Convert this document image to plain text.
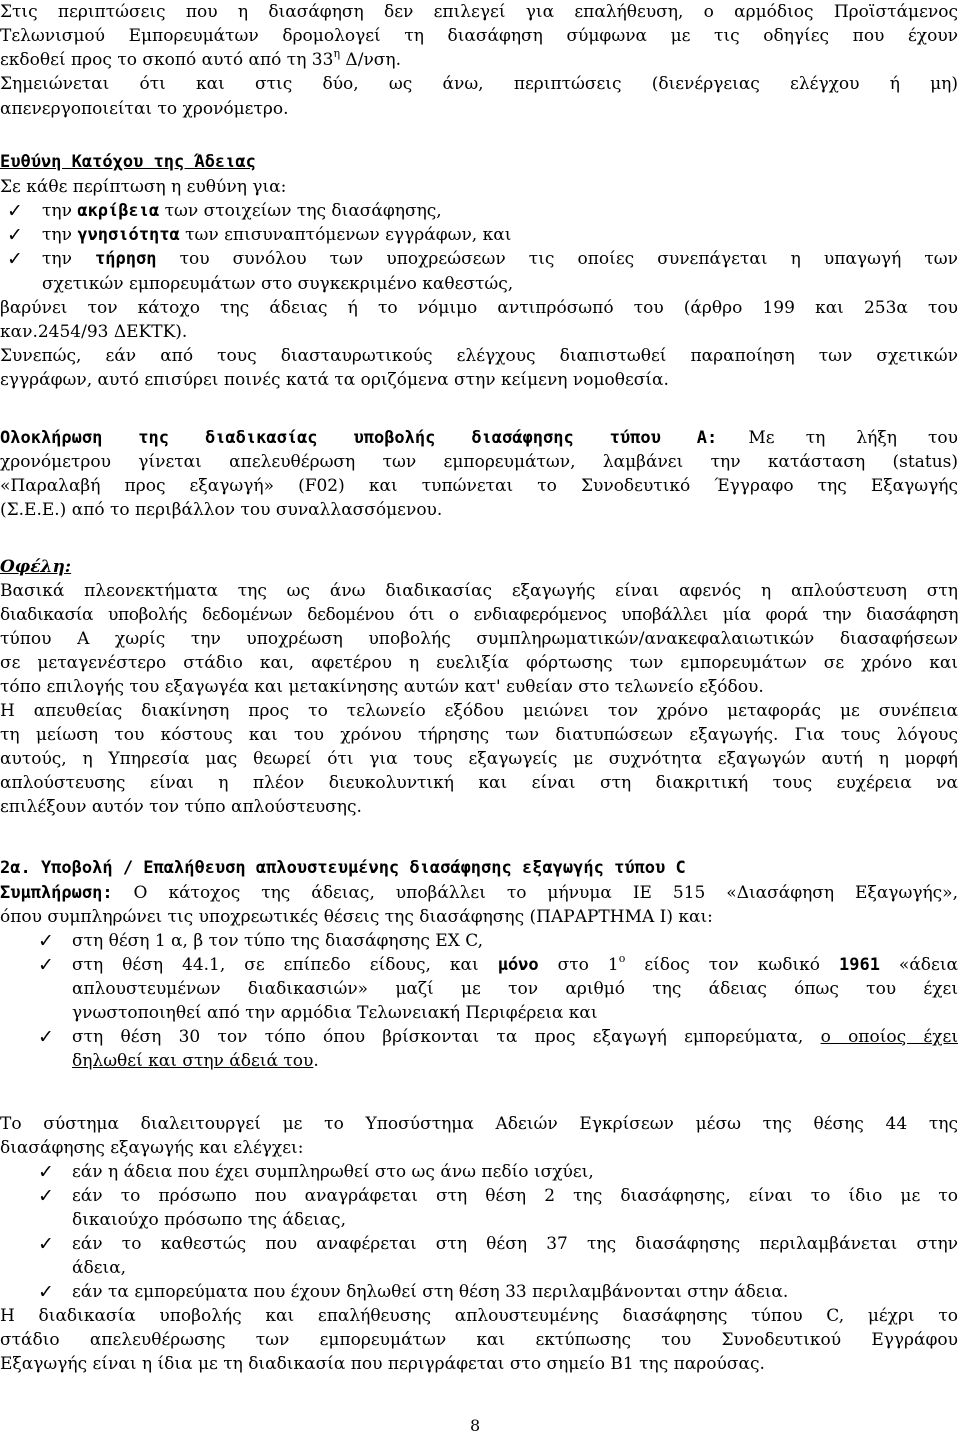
Στις περιπτώσεις που η διασάφηση δεν επιλεγεί για επαλήθευση, ο αρμόδιος Προϊστάμενος
Τελωνισμού Εμπορευμάτων δρομολογεί τη διασάφηση σύμφωνα με τις οδηγίες που έχουν
εκδοθεί προς το σκοπό αυτό από τη $33^\eta$ Δ/νση.
Σημειώνεται ότι και στις δύο, ως άνω, περιπτώσεις (διενέργειας ελέγχου ή μη)
απενεργοποιείται το χρονόμετρο.
Ευθύνη Κατόχου της Άδειας
Σε κάθε περίπτωση η ευθύνη για:
✓ την ακρίβεια των στοιχείων της διασάφησης,
✓ την γνησιότητα των επισυναπτόμενων εγγράφων, και
✓ την τήρηση του συνόλου των υποχρεώσεων τις οποίες συνεπάγεται η υπαγωγή των
σχετικών εμπορευμάτων στο συγκεκριμένο καθεστώς,
βαρύνει τον κάτοχο της άδειας ή το νόμιμο αντιπρόσωπό του (άρθρο 199 και 253α του
καν.2454/93 ΔΕΚΤΚ).
Συνεπώς, εάν από τους διασταυρωτικούς ελέγχους διαπιστωθεί παραποίηση των σχετικών
εγγράφων, αυτό επισύρει ποινές κατά τα οριζόμενα στην κείμενη νομοθεσία.
Ολοκλήρωση της διαδικασίας υποβολής διασάφησης τύπου Α: Με τη λήξη του
χρονόμετρου γίνεται απελευθέρωση των εμπορευμάτων, λαμβάνει την κατάσταση (status)
«Παραλαβή προς εξαγωγή» (F02) και τυπώνεται το Συνοδευτικό Έγγραφο της Εξαγωγής
(Σ.Ε.Ε.) από το περιβάλλον του συναλλασσόμενου.
Οφέλη:
Βασικά πλεονεκτήματα της ως άνω διαδικασίας εξαγωγής είναι αφενός η απλούστευση στη
διαδικασία υποβολής δεδομένων δεδομένου ότι ο ενδιαφερόμενος υποβάλλει μία φορά την διασάφηση
τύπου Α χωρίς την υποχρέωση υποβολής συμπληρωματικών/ανακεφαλαιωτικών διασαφήσεων
σε μεταγενέστερο στάδιο και, αφετέρου η ευελιξία φόρτωσης των εμπορευμάτων σε χρόνο και
τόπο επιλογής του εξαγωγέα και μετακίνησης αυτών κατ' ευθείαν στο τελωνείο εξόδου.
Η απευθείας διακίνηση προς το τελωνείο εξόδου μειώνει τον χρόνο μεταφοράς με συνέπεια
τη μείωση του κόστους και του χρόνου τήρησης των διατυπώσεων εξαγωγής. Για τους λόγους
αυτούς, η Υπηρεσία μας θεωρεί ότι για τους εξαγωγείς με συχνότητα εξαγωγών αυτή η μορφή
απλούστευσης είναι η πλέον διευκολυντική και είναι στη διακριτική τους ευχέρεια να
επιλέξουν αυτόν τον τύπο απλούστευσης.
2α. Υποβολή / Επαλήθευση απλουστευμένης διασάφησης εξαγωγής τύπου C
Συμπλήρωση: Ο κάτοχος της άδειας, υποβάλλει το μήνυμα IE 515 «Διασάφηση Εξαγωγής»,
όπου συμπληρώνει τις υποχρεωτικές θέσεις της διασάφησης (ΠΑΡΑΡΤΗΜΑ Ι) και:
✓ στη θέση 1 α, β τον τύπο της διασάφησης EX C,
✓ στη θέση 44.1, σε επίπεδο είδους, και μόνο στο $1^o$ είδος τον κωδικό 1961 «άδεια
απλουστευμένων διαδικασιών» μαζί με τον αριθμό της άδειας όπως του έχει
γνωστοποιηθεί από την αρμόδια Τελωνειακή Περιφέρεια και
✓ στη θέση 30 τον τόπο όπου βρίσκονται τα προς εξαγωγή εμπορεύματα, ο οποίος έχει
δηλωθεί και στην άδειά του.
Το σύστημα διαλειτουργεί με το Υποσύστημα Αδειών Εγκρίσεων μέσω της θέσης 44 της
διασάφησης εξαγωγής και ελέγχει:
✓ εάν η άδεια που έχει συμπληρωθεί στο ως άνω πεδίο ισχύει,
✓ εάν το πρόσωπο που αναγράφεται στη θέση 2 της διασάφησης, είναι το ίδιο με το
δικαιούχο πρόσωπο της άδειας,
✓ εάν το καθεστώς που αναφέρεται στη θέση 37 της διασάφησης περιλαμβάνεται στην
άδεια,
✓ εάν τα εμπορεύματα που έχουν δηλωθεί στη θέση 33 περιλαμβάνονται στην άδεια.
Η διαδικασία υποβολής και επαλήθευσης απλουστευμένης διασάφησης τύπου C, μέχρι το
στάδιο απελευθέρωσης των εμπορευμάτων και εκτύπωσης του Συνοδευτικού Εγγράφου
Εξαγωγής είναι η ίδια με τη διαδικασία που περιγράφεται στο σημείο Β1 της παρούσας.
8
